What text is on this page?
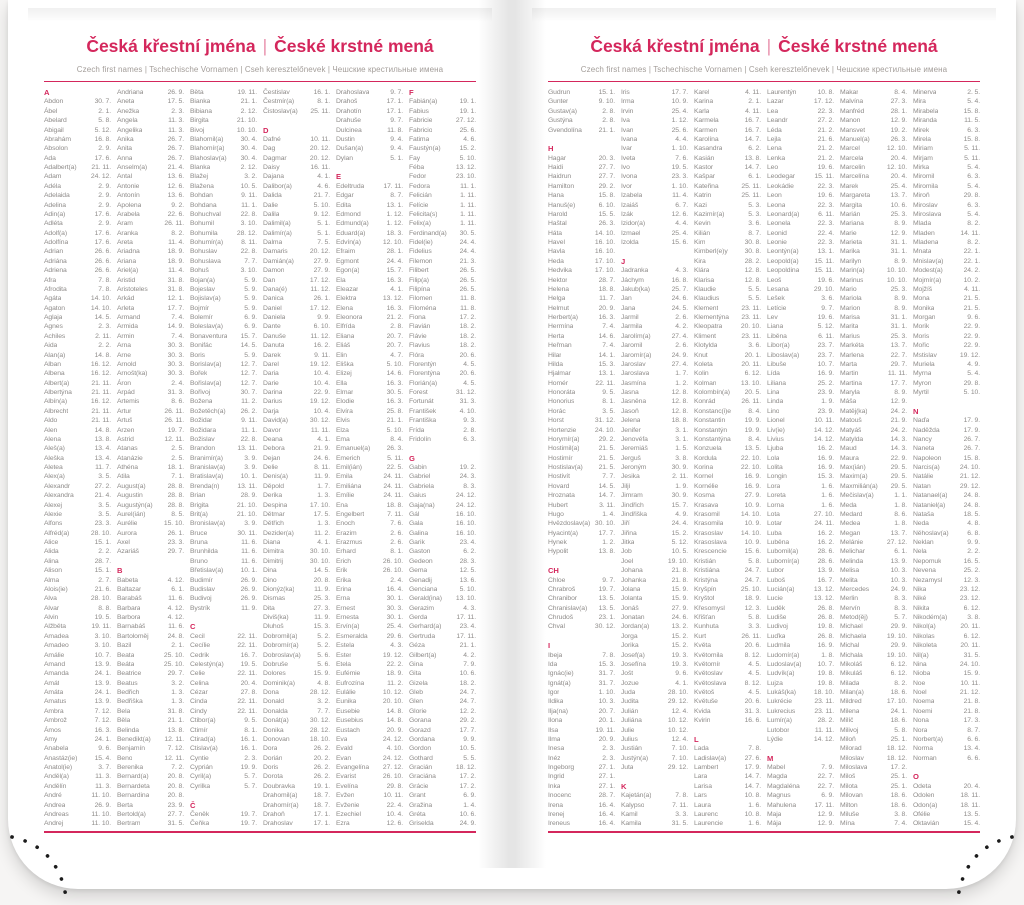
Česká křestní jména | České krstné mená
Czech first names | Tschechische Vornamen | Cseh keresztelőnevek | Чешские крестильные имена
A
Abdon	30. 7.
Ábel	2. 1.
Abelard	5. 8.
Abigail	5. 12.
Abrahám	16. 8.
Absolon	2. 9.
Ada	17. 6.
Adalbert(a) 21. 11.
Adam	24. 12.
Adéla	2. 9.
Adelaida	2. 9.
Adelina	2. 9.
Adin(a)	17. 6.
Adléta	2. 9.
Adolf(a)	17. 6.
Adolfína	17. 6.
Adrian	26. 6.
Adriána	26. 6.
Adriena	26. 6.
Afra	7. 8.
Afrodita	7. 8.
Agáta	14. 10.
Agaton	14. 10.
Aglaja	14. 5.
Agnes	2. 3.
Achiles	2. 11.
Aida	2. 2.
Alan(a)	14. 8.
Alban	16. 12.
Albena	16. 12.
Albert(a)	21. 11.
Albertýna	21. 11.
Albín(a)	16. 12.
Albrecht	21. 11.
Aldo	21. 11.
Alen	14. 8.
Alena	13. 8.
Aleš(a)	13. 4.
Aleška	13. 4.
Aletea	11. 7.
Alex(a)	3. 5.
Alexandr	27. 2.
Alexandra	21. 4.
Alexej	3. 5.
Alexie	3. 5.
Alfons	23. 3.
Alfréd(a)	28. 10.
Alice	15. 1.
Alida	2. 2.
Alina	28. 7.
Alison	15. 1.
Alma	2. 7.
Alois(ie)	21. 6.
Alva	28. 10.
Alvar	8. 8.
Alvin	19. 5.
Alžběta	19. 11.
Amadea	3. 10.
Amadeo	3. 10.
Amálie	10. 7.
Amand	13. 9.
Amanda	24. 1.
Amát	13. 9.
Amáta	24. 1.
Amatus	13. 9.
Ambra	7. 12.
Ambrož	7. 12.
Ámos	16. 3.
Amy	24. 1.
Anabela	9. 6.
Anastáz(ie)	15. 4.
Anatol(ie)	3. 7.
Anděl(a)	11. 3.
Andělín	11. 3.
André	11. 10.
Andrea	26. 9.
Andreas	11. 10.
Andrej	11. 10.
Andriana	26. 9.
Aneta	17. 5.
Anežka	2. 3.
Angela	11. 3.
Angelika	11. 3.
Anika	26. 7.
Anita	26. 7.
Anna	26. 7.
Anselm(a)	21. 4.
Antal	13. 6.
Antonie	12. 6.
Antonín	13. 6.
Apolena	9. 2.
Arabela	22. 6.
Aram	26. 11.
Aranka	8. 2.
Areta	11. 4.
Ariadna	18. 9.
Ariana	18. 9.
Ariel(a)	11. 4.
Aristid	31. 8.
Aristoteles	31. 8.
Arkád	12. 1.
Arleta	17. 7.
Armand	7. 4.
Armida	14. 9.
Armin	7. 4.
Arna	30. 3.
Arne	30. 3.
Arnold	30. 3.
Arnošt(ka)	30. 3.
Áron	2. 4.
Arpád	31. 3.
Artemis	8. 6.
Artur	26. 11.
Artuš	26. 11.
Arzen	19. 7.
Astrid	12. 11.
Atanas	2. 5.
Atanázie	2. 5.
Athéna	18. 1.
Atila	7. 1.
August(a)	28. 8.
Augustin	28. 8.
Augustýn(a) 28. 8.
Aurel(ián)	8. 5.
Aurélie	15. 10.
Aurora	26. 1.
Axel	23. 3.
Azariáš	29. 7.
B
Babeta	4. 12.
Baltazar	6. 1.
Barabáš	11. 6.
Barbara	4. 12.
Barbora	4. 12.
Barnabáš	11. 6.
Bartoloměj	24. 8.
Bazil	2. 1.
Beata	25. 10.
Beáta	25. 10.
Beatrice	29. 7.
Beatus	3. 2.
Bedřich	1. 3.
Bedřiška	1. 3.
Bela	31. 8.
Běla	21. 1.
Belinda	13. 8.
Benedikt(a) 12. 11.
Benjamín	7. 12.
Beno	12. 11.
Berenika	7. 2.
Bernard(a)	20. 8.
Bernardeta	20. 8.
Bernardina	20. 8.
Berta	23. 9.
Bertold(a)	27. 7.
Bertram	31. 5.
Běta	19. 11.
Bianka	21. 1.
Bibiana	2. 12.
Birgita	21. 10.
Bivoj	10. 10.
Blahomil(a)	30. 4.
Blahomír(a) 30. 4.
Blahoslav(a) 30. 4.
Blanka	2. 12.
Blažej	3. 2.
Blažena	10. 5.
Bohdan	9. 11.
Bohdana	11. 1.
Bohuchval	22. 8.
Bohumil	3. 10.
Bohumila	28. 12.
Bohumír(a)	8. 11.
Bohuslav	22. 8.
Bohuslava	7. 7.
Bohuš	3. 10.
Bojan(a)	5. 9.
Bojeslav	5. 9.
Bojislav(a)	5. 9.
Bojmír	5. 9.
Bolemír	6. 9.
Boleslav(a)	6. 9.
Bonaventura 15. 7.
Bonifác	14. 5.
Boris	5. 9.
Borislav(a)	12. 7.
Bořek	12. 7.
Bořislav(a)	12. 7.
Bořivoj	30. 7.
Božena	11. 2.
Božetěch(a) 26. 2.
Božidar	9. 11.
Božidara	11. 1.
Božislav	22. 8.
Brandon	13. 11.
Branimír(a)	3. 9.
Branislav(a)	3. 9.
Bratislav(a)	10. 1.
Brenda(n)	13. 11.
Brian	28. 9.
Brigita	21. 10.
Brit(a)	21. 10.
Bronislav(a)	3. 9.
Bruce	30. 11.
Bruna	11. 6.
Brunhilda	11. 6.
Bruno	11. 6.
Břetislav(a)	10. 1.
Budimír	26. 9.
Budislav	26. 9.
Budivoj	26. 9.
Bystrík	11. 9.
C
Cecil	22. 11.
Cecílie	22. 11.
Cedrik	16. 7.
Celestýn(a) 19. 5.
Celie	22. 11.
Celina	20. 4.
Cézar	27. 8.
Cinda	22. 11.
Cindy	22. 11.
Ctibor(a)	9. 5.
Ctimír	8. 1.
Ctirad(a)	16. 1.
Ctislav(a)	16. 1.
Cyntie	2. 3.
Cyprián	19. 9.
Cyril(a)	5. 7.
Cyrilka	5. 7.
Č
Čeněk	19. 7.
Čeňka	19. 7.
Čestislav	16. 1.
Čestmír(a)	8. 1.
Čistoslav(a) 25. 11.
D
Dafné	10. 11.
Dag	20. 12.
Dagmar	20. 12.
Daisy	16. 11.
Dajana	4. 1.
Dalibor(a)	4. 6.
Dalida	21. 7.
Dalie	5. 10.
Dalila	9. 12.
Dalimil(a)	5. 1.
Dalimír(a)	5. 1.
Dalma	7. 5.
Damaris	20. 12.
Damián(a)	27. 9.
Damon	27. 9.
Dan	17. 12.
Dana(é)	11. 12.
Danica	26. 1.
Daniel	17. 12.
Daniela	9. 9.
Dante	6. 10.
Danuše	11. 12.
Danuta	16. 2.
Darek	9. 11.
Darel	19. 12.
Daria	10. 4.
Darie	10. 4.
Darina	22. 9.
Darius	19. 12.
Darja	10. 4.
David(a)	30. 12.
Davor	11. 11.
Deana	4. 1.
Debora	21. 9.
Dejan	24. 6.
Delie	8. 11.
Denis(a)	11. 9.
Děpold	1. 7.
Derika	1. 3.
Despina	17. 10.
Dětmar	17. 5.
Dětřich	1. 3.
Dezider(a)	11. 2.
Diana	4. 1.
Dimitra	30. 10.
Dimitrij	30. 10.
Dina	14. 5.
Dino	20. 8.
Dionýz(ka)	11. 9.
Dismas	25. 3.
Dita	27. 3.
Diviš(ka)	11. 9.
Dluhoš	15. 3.
Dobromil(a)	5. 2.
Dobromír(a)	5. 2.
Dobroslav(a) 5. 6.
Dobruše	5. 6.
Dolores	15. 9.
Dominik(a)	4. 8.
Dona	28. 12.
Donald	3. 2.
Donalda	7. 7.
Donát(a)	30. 12.
Donika	28. 12.
Donovan	18. 10.
Dora	26. 2.
Dorián	20. 2.
Doris	26. 2.
Dorota	26. 2.
Doubravka	19. 1.
Drahomil(a) 18. 7.
Drahomír(a) 18. 7.
Drahoň	17. 1.
Drahoslav	17. 1.
Drahoslava	9. 7.
Drahoš	17. 1.
Drahotín	17. 1.
Drahuše	9. 7.
Dulcinea	11. 8.
Dustin	9. 4.
Dušan(a)	9. 4.
Dylan	5. 1.
E
Edeltruda	17. 11.
Edgar	8. 7.
Edita	13. 1.
Edmond	1. 12.
Edmund(a)	1. 12.
Eduard(a)	18. 3.
Edvín(a)	12. 10.
Efraim	28. 1.
Egmont	24. 4.
Egon(a)	15. 7.
Ela	16. 3.
Eleazar	4. 1.
Elektra	13. 12.
Elena	16. 3.
Eleonora	21. 2.
Elfrída	2. 8.
Eliana	20. 7.
Eliáš	20. 7.
Elin	4. 7.
Eliška	5. 10.
Elizej	14. 6.
Ella	16. 3.
Elmar	30. 5.
Elodie	16. 3.
Elvíra	25. 8.
Elvis	21. 1.
Elza	5. 10.
Ema	8. 4.
Emanuel(a) 26. 3.
Emerich	5. 11.
Emil(ián)	22. 5.
Emila	24. 11.
Emiliána	24. 11.
Emílie	24. 11.
Ena	18. 8.
Engelbert	7. 11.
Enoch	7. 6.
Erazim	2. 6.
Erazmus	2. 6.
Erhard	8. 1.
Erich	26. 10.
Erik	26. 10.
Erika	2. 4.
Erina	16. 4.
Erna	30. 1.
Ernest	30. 3.
Ernesta	30. 1.
Ervín(a)	25. 4.
Esmeralda	29. 6.
Estela	4. 3.
Ester	19. 12.
Etela	22. 2.
Eufémie	18. 9.
Eufrozína	11. 2.
Eulálie	10. 12.
Eunika	20. 10.
Eusebie	14. 8.
Eusebius	14. 8.
Eustach	20. 9.
Eva	24. 12.
Evald	4. 10.
Evan	24. 12.
Evangelína 27. 12.
Evarist	26. 10.
Evelína	29. 8.
Evžen	10. 11.
Evženie	22. 4.
Ezechiel	10. 4.
Ezra	12. 6.
F
Fabián(a)	19. 1.
Fabius	19. 1.
Fabricie	27. 12.
Fabricio	25. 6.
Fatima	4. 6.
Faustýn(a)	15. 2.
Fay	5. 10.
Féba	13. 12.
Fedor	23. 10.
Fedora	11. 1.
Felicián	1. 11.
Felície	1. 11.
Felicita(s)	1. 11.
Felix(a)	1. 11.
Ferdinand(a) 30. 5.
Fidel(ie)	24. 4.
Fidelius	24. 4.
Filemon	21. 3.
Filibert	26. 5.
Filip(a)	26. 5.
Filipína	26. 5.
Filomen	11. 8.
Filoména	11. 8.
Fiona	17. 2.
Flavián	18. 2.
Flávie	18. 2.
Flavius	18. 2.
Flóra	20. 6.
Florentýn	4. 5.
Florentýna	20. 6.
Florián(a)	4. 5.
Forest	31. 12.
Fortunát	31. 3.
František	4. 10.
Františka	9. 3.
Frída	2. 8.
Fridolín	6. 3.
G
Gabin	19. 2.
Gabriel	24. 3.
Gabriela	8. 3.
Gaius	24. 12.
Gaja(na)	24. 12.
Gál	16. 10.
Gala	16. 10.
Galina	16. 10.
Garik	23. 4.
Gaston	6. 2.
Gedeon	28. 3.
Gema	12. 5.
Genadij	13. 6.
Genciana	5. 10.
Gerald(ina) 13. 10.
Gerazim	4. 3.
Gerda	17. 11.
Gerhard(a)	23. 4.
Gertruda	17. 11.
Géza	21. 1.
Gilbert(a)	4. 2.
Gina	7. 9.
Gita	10. 6.
Gizela	18. 2.
Gleb	24. 7.
Glen	24. 7.
Glorie	12. 2.
Gorana	29. 2.
Gorazd	17. 7.
Gordana	9. 9.
Gordon	10. 5.
Gothard	5. 5.
Gracián	18. 12.
Graciána	17. 2.
Grácie	17. 2.
Grant	6. 9.
Gražina	1. 4.
Gréta	10. 6.
Griselda	24. 9.
Česká křestní jména | České krstné mená
Czech first names | Tschechische Vornamen | Cseh keresztelőnevek | Чешские крестильные имена
Gudrun	15. 1.
Gunter	9. 10.
Gustav(a)	2. 8.
Gustýna	2. 8.
Gvendolína 21. 1.
H
Hagar	20. 3.
Haidi	27. 7.
Haidrun	27. 7.
Hamilton	29. 2.
Hana	15. 8.
Hanuš(e)	6. 10.
Harold	15. 5.
Haštal	26. 3.
Háta	14. 10.
Havel	16. 10.
Havla	16. 10.
Heda	17. 10.
Hedvika	17. 10.
Hektor	28. 7.
Helena	18. 8.
Helga	11. 7.
Helmut	20. 9.
Herbert(a)	16. 3.
Hermína	7. 4.
Herta	14. 6.
Heřman	7. 4.
Hilar	14. 1.
Hilda	15. 3.
Hjalmar	13. 1.
Homér	22. 11.
Honoráta	9. 5.
Honorius	8. 1.
Horác	3. 5.
Horst	31. 12.
Hortenzie	24. 10.
Horymír(a)	29. 2.
Hostimil(a)	21. 5.
Hostimír	21. 5.
Hostislav(a) 21. 5.
Hostivít	7. 7.
Hovard	14. 5.
Hroznata	14. 7.
Hubert	3. 11.
Hugo	1. 4.
Hvězdoslav(a) 30. 10.
Hyacint(a)	17. 7.
Hynek	1. 2.
Hypolit	13. 8.
CH
Chloe	9. 7.
Chrabroš	19. 7.
Chranibor	13. 5.
Chranislav(a) 13. 5.
Chrudoš	23. 1.
Chval	30. 12.
I
Ibeja	7. 8.
Ida	15. 3.
Ignác(ie)	31. 7.
Ignát(a)	31. 7.
Igor	1. 10.
Ildika	10. 3.
Ilja(na)	20. 7.
Ilona	20. 1.
Ilsa	19. 11.
Ilma	20. 9.
Inesa	2. 3.
Inéz	2. 3.
Ingeborg	27. 1.
Ingrid	27. 1.
Inka	27. 1.
Inocenc	28. 7.
Irena	16. 4.
Irenej	16. 4.
Ireneus	16. 4.
Iris	17. 7.
Irma	10. 9.
Irvin	25. 4.
Iva	1. 12.
Ivan	25. 6.
Ivana	4. 4.
Ivar	1. 10.
Iveta	7. 6.
Ivo	19. 5.
Ivona	23. 3.
Ivor	1. 10.
Izabela	11. 4.
Izaiáš	6. 7.
Izák	12. 6.
Izidor(a)	4. 4.
Izmael	25. 4.
Izolda	15. 6.
J
Jadranka	4. 3.
Jáchym	16. 8.
Jakub(ka)	25. 7.
Jan	24. 6.
Jana	24. 5.
Jarmil	2. 6.
Jarmila	4. 2.
Jarolím(a)	27. 4.
Jaromil	2. 6.
Jaromír(a)	24. 9.
Jaroslav	27. 4.
Jaroslava	1. 7.
Jasmína	1. 2.
Jasna	12. 8.
Jasněna	12. 8.
Jasoň	12. 8.
Jelena	18. 8.
Jenifer	3. 1.
Jenovéfa	3. 1.
Jeremiáš	1. 5.
Jerguš	3. 8.
Jeroným	30. 9.
Jesika	2. 11.
Jiljí	1. 9.
Jimram	30. 9.
Jindřich	15. 7.
Jindřiška	4. 9.
Jiří	24. 4.
Jiřina	15. 2.
Jitka	5. 12.
Job	10. 5.
Joel	19. 10.
Johana	21. 8.
Johanka	21. 8.
Jolana	15. 9.
Jolanta	15. 9.
Jonáš	27. 9.
Jonatan	24. 6.
Jordan(a)	13. 2.
Jorga	15. 2.
Jorika	15. 2.
Josef(a)	19. 3.
Josefína	19. 3.
Jošt	9. 6.
Jozue	4. 1.
Juda	28. 10.
Judita	29. 12.
Julián	12. 4.
Juliána	10. 12.
Julie	10. 12.
Julius	12. 4.
Justián	7. 10.
Justýn(a)	7. 10.
Juta	29. 12.
K
Kajetán(a)	7. 8.
Kalypso	7. 11.
Kamil	3. 3.
Kamila	31. 5.
Karel	4. 11.
Karina	2. 1.
Karla	4. 11.
Karmela	16. 7.
Karmen	16. 7.
Karolína	14. 7.
Kasandra	6. 2.
Kasián	13. 8.
Kastor	14. 7.
Kašpar	6. 1.
Kateřina	25. 11.
Katrin	25. 11.
Kazi	5. 3.
Kazimír(a)	5. 3.
Kevin	3. 6.
Kilián	8. 7.
Kim	30. 8.
Kimberl(e)y 30. 8.
Kira	28. 2.
Klára	12. 8.
Klarisa	12. 8.
Klaudie	5. 5.
Klaudius	5. 5.
Klement	23. 11.
Klementýna 23. 11.
Kleopatra	20. 10.
Kliment	23. 11.
Klotylda	3. 6.
Knut	20. 1.
Koleta	20. 11.
Kolin	6. 12.
Kolman	13. 10.
Kolombín(a) 20. 5.
Konrád	26. 11.
Konstanc(i)e	8. 4.
Konstantin	19. 9.
Konstantýn	19. 9.
Konstantýna	8. 4.
Konzuela	13. 5.
Kordula	22. 10.
Korina	22. 10.
Kornel	16. 9.
Kornélie	16. 9.
Kosma	27. 9.
Krasava	10. 9.
Krasomil	14. 10.
Krasomila	10. 9.
Krasoslav	14. 10.
Krasoslava	10. 9.
Krescencie	15. 6.
Kristián	5. 8.
Kristiána	24. 7.
Kristýna	24. 7.
Kryšpín	25. 10.
Kryštof	18. 9.
Křesomysl	12. 3.
Křišťan	5. 8.
Kunhuta	3. 3.
Kurt	26. 11.
Květa	20. 6.
Květomila	8. 12.
Květomír	4. 5.
Květoslav	4. 5.
Květoslava	8. 12.
Květoš	4. 5.
Květuše	20. 6.
Kvida	31. 3.
Kvirin	16. 6.
L
Lada	7. 8.
Ladislav(a)	27. 6.
Lambert	17. 9.
Lara	14. 7.
Larisa	14. 7.
Lars	10. 8.
Laura	1. 6.
Laurenc	10. 8.
Laurencie	1. 6.
Laurentýn	10. 8.
Lazar	17. 12.
Lea	22. 3.
Leandr	27. 2.
Léda	21. 2.
Lejla	21. 6.
Lena	21. 2.
Lenka	21. 2.
Leo	19. 6.
Leodegar	15. 11.
Leokádie	22. 3.
Leon	19. 6.
Leona	22. 3.
Leonard(a)	6. 11.
Leonela	22. 3.
Leonid	22. 4.
Leonie	22. 3.
Leontýn(a)	13. 1.
Leopold(a) 15. 11.
Leopoldina 15. 11.
Leoš	19. 6.
Lesana	29. 10.
Lešek	3. 6.
Letície	9. 7.
Lev	19. 6.
Liana	5. 12.
Liběna	6. 11.
Libor(a)	23. 7.
Liboslav(a)	23. 7.
Libuše	10. 7.
Lída	16. 9.
Liliana	25. 2.
Lina	23. 9.
Linda	1. 9.
Lino	23. 9.
Lionel	10. 11.
Liv(ie)	14. 12.
Livius	14. 12.
Ljuba	16. 2.
Lola	16. 9.
Lolita	16. 9.
Longin	15. 3.
Lora	1. 6.
Loreta	1. 6.
Lorna	1. 6.
Lota	27. 10.
Lotar	24. 11.
Luba	16. 2.
Luběna	16. 2.
Lubomil(a)	28. 6.
Lubomír(a)	28. 6.
Lubor	13. 9.
Luboš	16. 7.
Lucián(a)	13. 12.
Lucie	13. 12.
Luděk	26. 8.
Ludiše	26. 8.
Ludivoj	19. 8.
Luďka	26. 8.
Ludmila	16. 9.
Ludomír(a)	1. 8.
Ludoslav(a) 10. 7.
Ludvík(a)	19. 8.
Lujza	19. 8.
Lukáš(ka)	18. 10.
Lukrécie	23. 11.
Lukrecius	23. 11.
Lumír(a)	28. 2.
Lutobor	11. 11.
Lýdie	14. 12.
M
Mabel	7. 9.
Magda	22. 7.
Magdaléna	22. 7.
Magnus	6. 9.
Mahulena	17. 11.
Maja	12. 9.
Mája	12. 9.
Makar	8. 4.
Malvína	27. 3.
Manfréd	28. 1.
Manon	12. 9.
Mansvet	19. 2.
Manuel(a)	26. 3.
Marcel	12. 10.
Marcela	20. 4.
Marcelin	12. 10.
Marcelína	20. 4.
Marek	25. 4.
Margareta	13. 7.
Margita	10. 6.
Marián	25. 3.
Mariana	8. 9.
Marie	12. 9.
Marieta	31. 1.
Marika	31. 1.
Marilyn	8. 9.
Marin(a)	10. 10.
Marinus	10. 10.
Mario	25. 3.
Mariola	8. 9.
Marion	8. 9.
Marisa	31. 1.
Marita	31. 1.
Marius	25. 3.
Markéta	13. 7.
Marlena	22. 7.
Marta	29. 7.
Martin	11. 11.
Martina	17. 7.
Maryla	8. 9.
Máša	12. 9.
Matěj(ka)	24. 2.
Matouš	21. 9.
Matyáš	24. 2.
Matylda	14. 3.
Maud	14. 3.
Maura	22. 9.
Max(ián)	29. 5.
Maxim(a)	29. 5.
Maxmilián(a) 29. 5.
Mečislav(a)	1. 1.
Meda	1. 8.
Medard	8. 6.
Medea	1. 8.
Megan	13. 7.
Melánie	27. 12.
Melichar	6. 1.
Melinda	13. 9.
Melisa	10. 3.
Melita	10. 3.
Mercedes	24. 9.
Merlin	8. 3.
Mervín	8. 3.
Metod(ěj)	5. 7.
Michael	29. 9.
Michaela	19. 10.
Michal	29. 9.
Michala	19. 10.
Mikoláš	6. 12.
Mikuláš	6. 12.
Milada	8. 2.
Milan(a)	18. 6.
Mildred	17. 10.
Milena	24. 1.
Milíč	18. 6.
Milivoj	5. 8.
Miloň	25. 1.
Milorad	18. 12.
Miloslav	18. 12.
Miloslava	17. 2.
Miloš	25. 1.
Milota	25. 1.
Milovan	18. 6.
Milton	18. 6.
Miluše	3. 8.
Mína	7. 4.
Minerva	2. 5.
Mira	5. 4.
Mirabela	15. 8.
Miranda	11. 5.
Mirek	6. 3.
Mirela	15. 8.
Miriam	5. 11.
Mirjam	5. 11.
Mirka	5. 4.
Miromil	6. 3.
Miromila	5. 4.
Miroň	29. 8.
Miroslav	6. 3.
Miroslava	5. 4.
Mlada	8. 2.
Mladen	14. 11.
Mladena	8. 2.
Mnata	22. 1.
Mnislav(a)	22. 1.
Modest(a)	24. 2.
Mojmír(a)	10. 2.
Mojžíš	4. 11.
Mona	21. 5.
Monika	21. 5.
Morgan	9. 6.
Morik	22. 9.
Moris	22. 9.
Mořic	22. 9.
Mstislav	19. 12.
Muriela	4. 9.
Myrna	5. 4.
Myron	29. 8.
Myrtil	5. 10.
N
Naďa	17. 9.
Naděžda	17. 9.
Nancy	26. 7.
Naneta	26. 7.
Napoleon	15. 8.
Narcis(a)	24. 10.
Natálie	21. 12.
Natan	29. 12.
Natanael(a) 24. 8.
Nataniel(a)	24. 8.
Nataša	18. 5.
Neda	4. 8.
Něhoslav(a)	6. 8.
Neklan	9. 9.
Nela	2. 2.
Nepomuk	16. 5.
Nevena	25. 2.
Nezamysl	12. 3.
Nika	23. 12.
Niké	23. 12.
Nikita	6. 12.
Nikodém(a)	3. 8.
Nikol(a)	20. 11.
Nikolas	6. 12.
Nikoleta	20. 11.
Nil(a)	31. 5.
Nina	24. 10.
Nioba	15. 9.
Noe	10. 11.
Noel	21. 12.
Noema	21. 8.
Noemi	21. 8.
Nona	17. 3.
Nora	8. 7.
Norbert(a)	6. 6.
Norma	13. 4.
Norman	6. 6.
O
Odeta	20. 4.
Odolen	18. 11.
Odon(a)	18. 11.
Ofélie	13. 5.
Oktavián	15. 4.
